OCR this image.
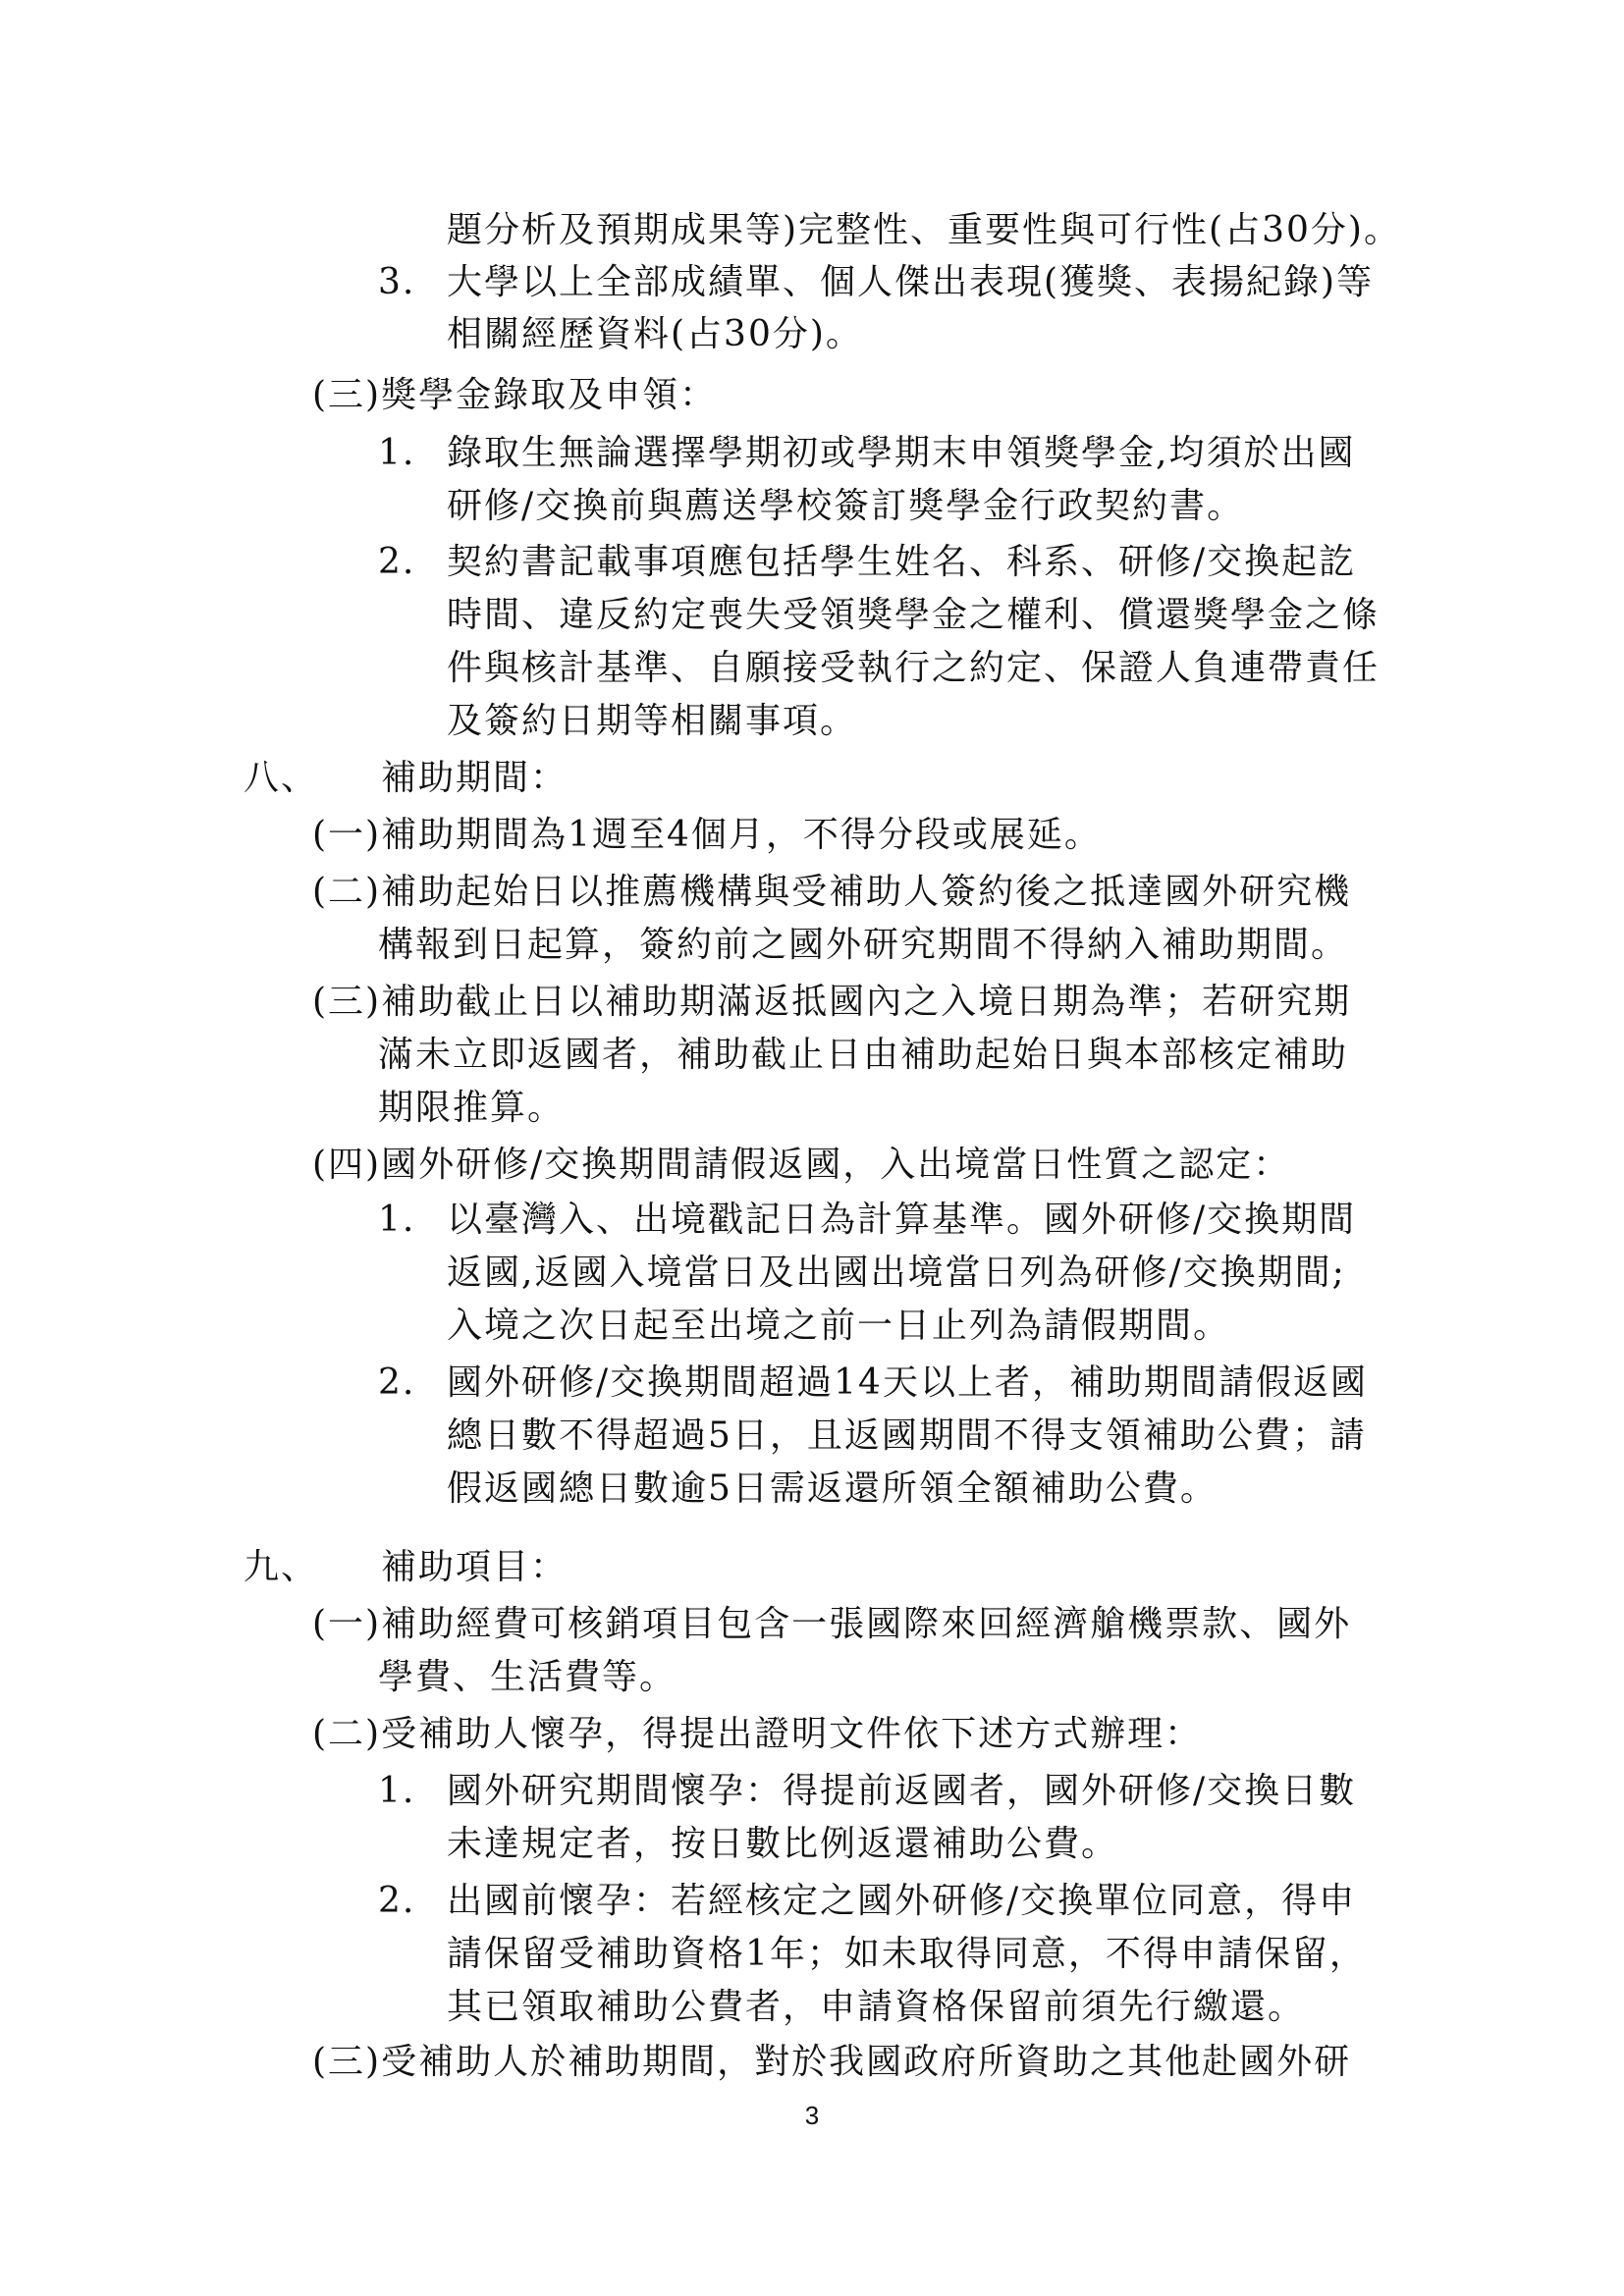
題分析及預期成果等)完整性、重要性與可行性(占30分)。
3. 大學以上全部成績單、個人傑出表現(獲獎、表揚紀錄)等
相關經歷資料(占30分)。
(三)獎學金錄取及申領：
1. 錄取生無論選擇學期初或學期末申領獎學金,均須於出國
研修/交換前與薦送學校簽訂獎學金行政契約書。
2. 契約書記載事項應包括學生姓名、科系、研修/交換起訖
時間、違反約定喪失受領獎學金之權利、償還獎學金之條
件與核計基準、自願接受執行之約定、保證人負連帶責任
及簽約日期等相關事項。
八、 補助期間：
(一)補助期間為1週至4個月，不得分段或展延。
(二)補助起始日以推薦機構與受補助人簽約後之抵達國外研究機
構報到日起算，簽約前之國外研究期間不得納入補助期間。
(三)補助截止日以補助期滿返抵國內之入境日期為準；若研究期
滿未立即返國者，補助截止日由補助起始日與本部核定補助
期限推算。
(四)國外研修/交換期間請假返國，入出境當日性質之認定：
1. 以臺灣入、出境戳記日為計算基準。國外研修/交換期間
返國,返國入境當日及出國出境當日列為研修/交換期間;
入境之次日起至出境之前一日止列為請假期間。
2. 國外研修/交換期間超過14天以上者，補助期間請假返國
總日數不得超過5日，且返國期間不得支領補助公費；請
假返國總日數逾5日需返還所領全額補助公費。
九、 補助項目：
(一)補助經費可核銷項目包含一張國際來回經濟艙機票款、國外
學費、生活費等。
(二)受補助人懷孕，得提出證明文件依下述方式辦理：
1. 國外研究期間懷孕：得提前返國者，國外研修/交換日數
未達規定者，按日數比例返還補助公費。
2. 出國前懷孕：若經核定之國外研修/交換單位同意，得申
請保留受補助資格1年；如未取得同意，不得申請保留，
其已領取補助公費者，申請資格保留前須先行繳還。
(三)受補助人於補助期間，對於我國政府所資助之其他赴國外研
3
